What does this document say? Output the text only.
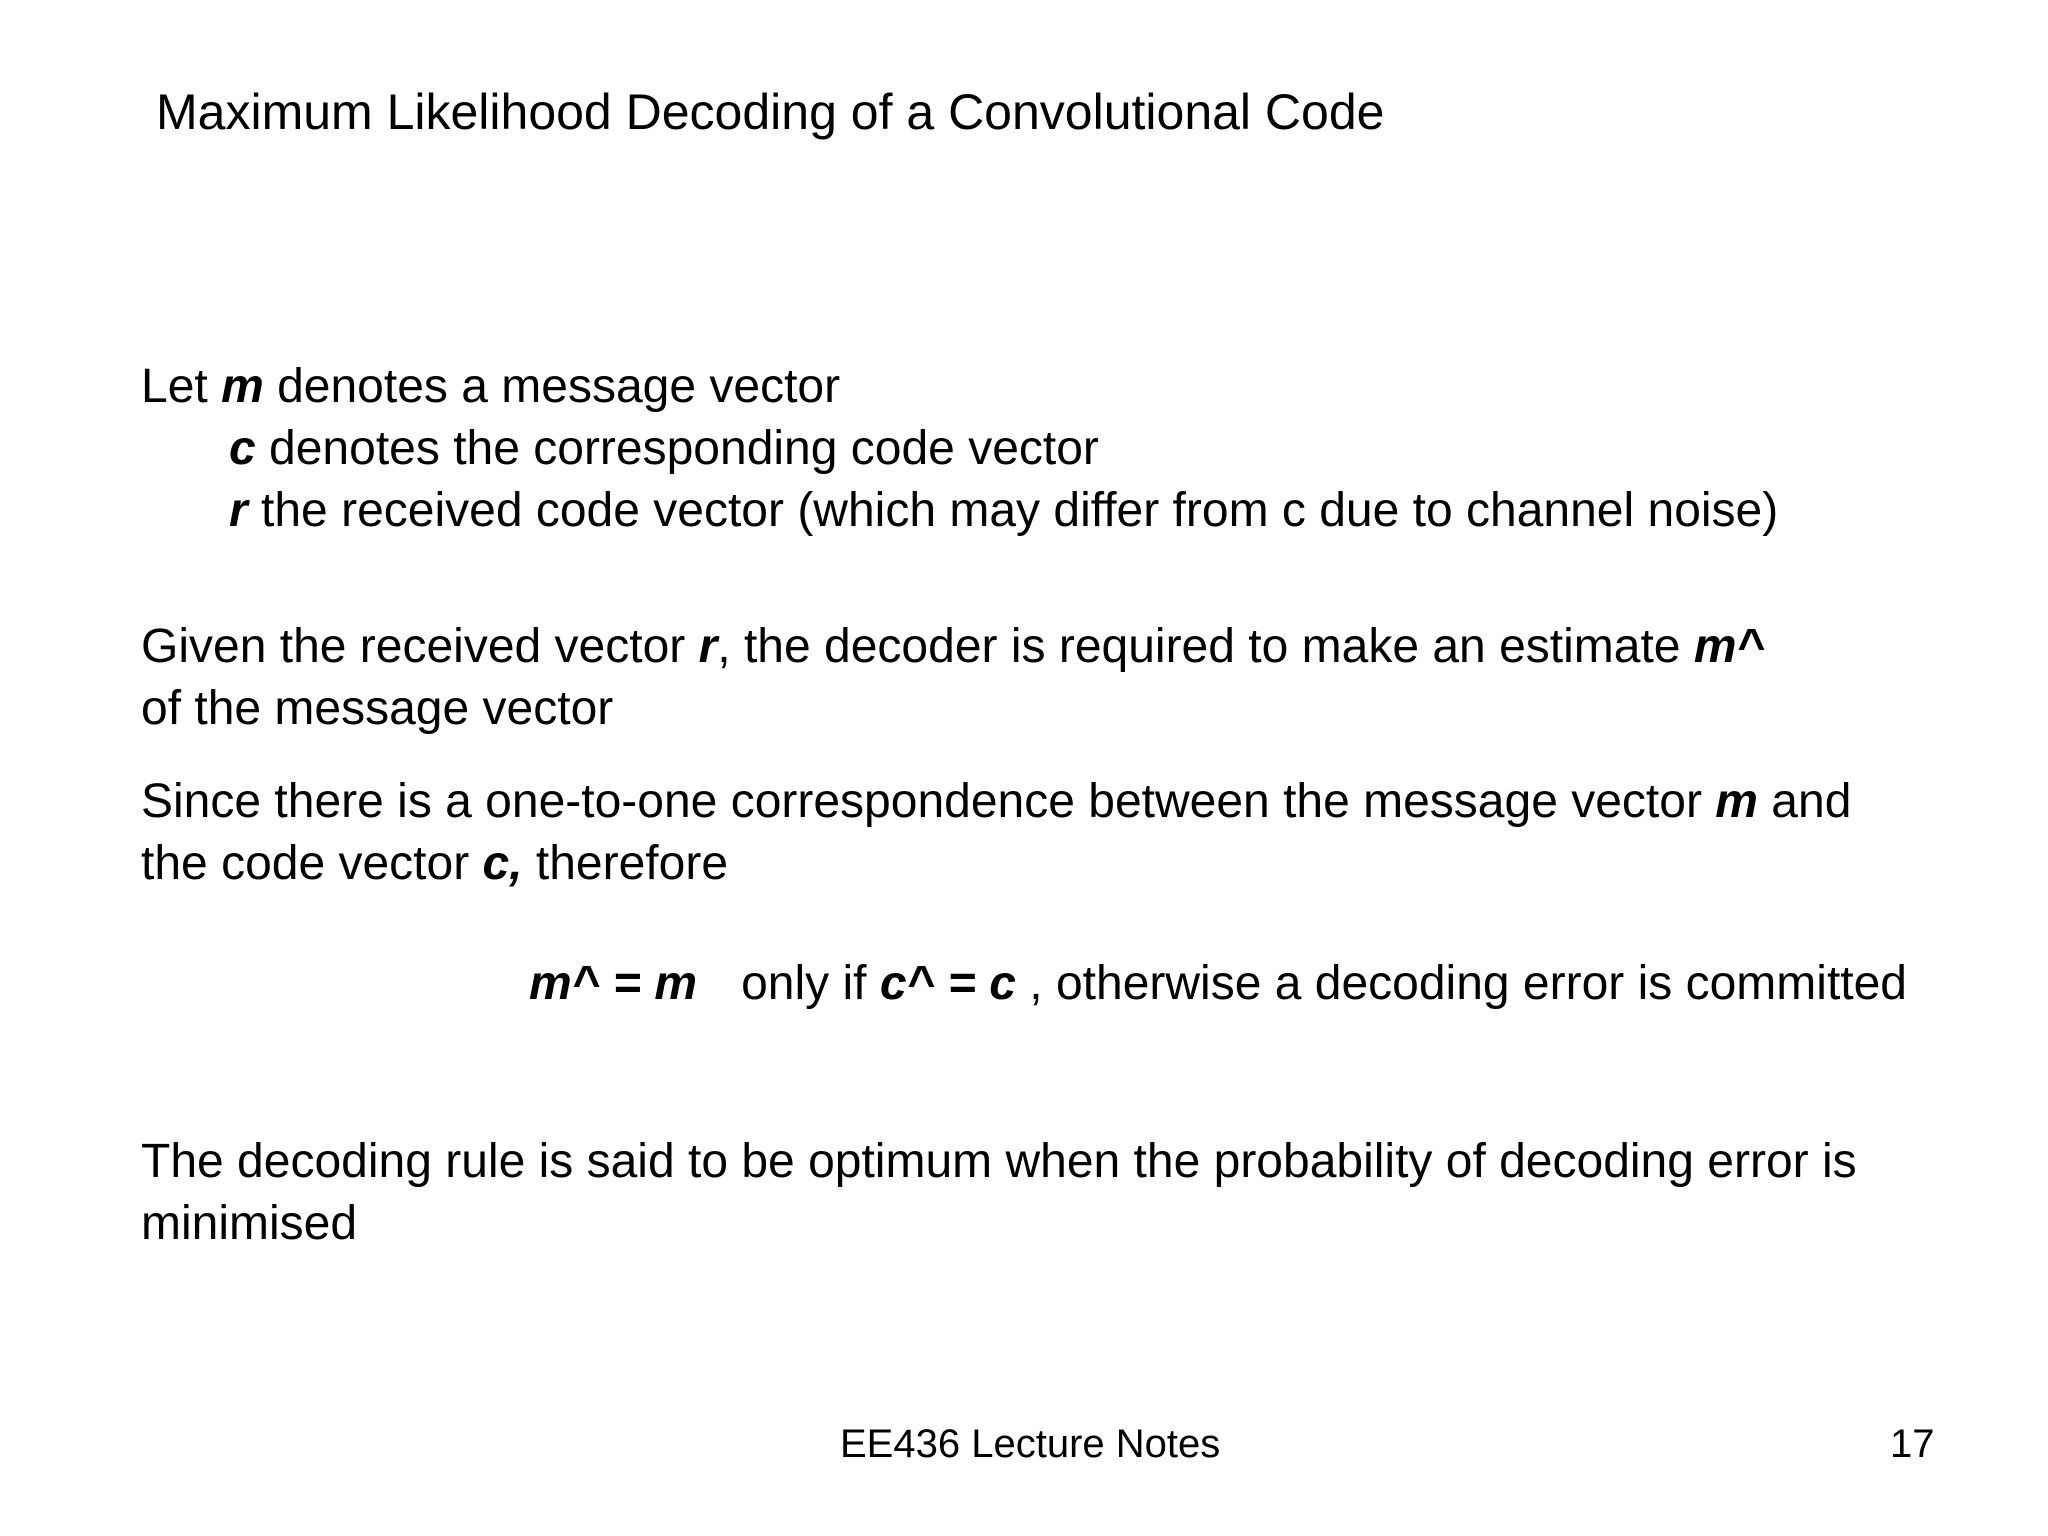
Maximum Likelihood Decoding of a Convolutional Code
Let m denotes a message vector
c denotes the corresponding code vector
r the received code vector (which may differ from c due to channel noise)
Given the received vector r, the decoder is required to make an estimate m^
of the message vector
Since there is a one-to-one correspondence between the message vector m and
the code vector c, therefore
m^ = m only if c^ = c , otherwise a decoding error is committed
The decoding rule is said to be optimum when the probability of decoding error is
minimised
EE436 Lecture Notes	17
